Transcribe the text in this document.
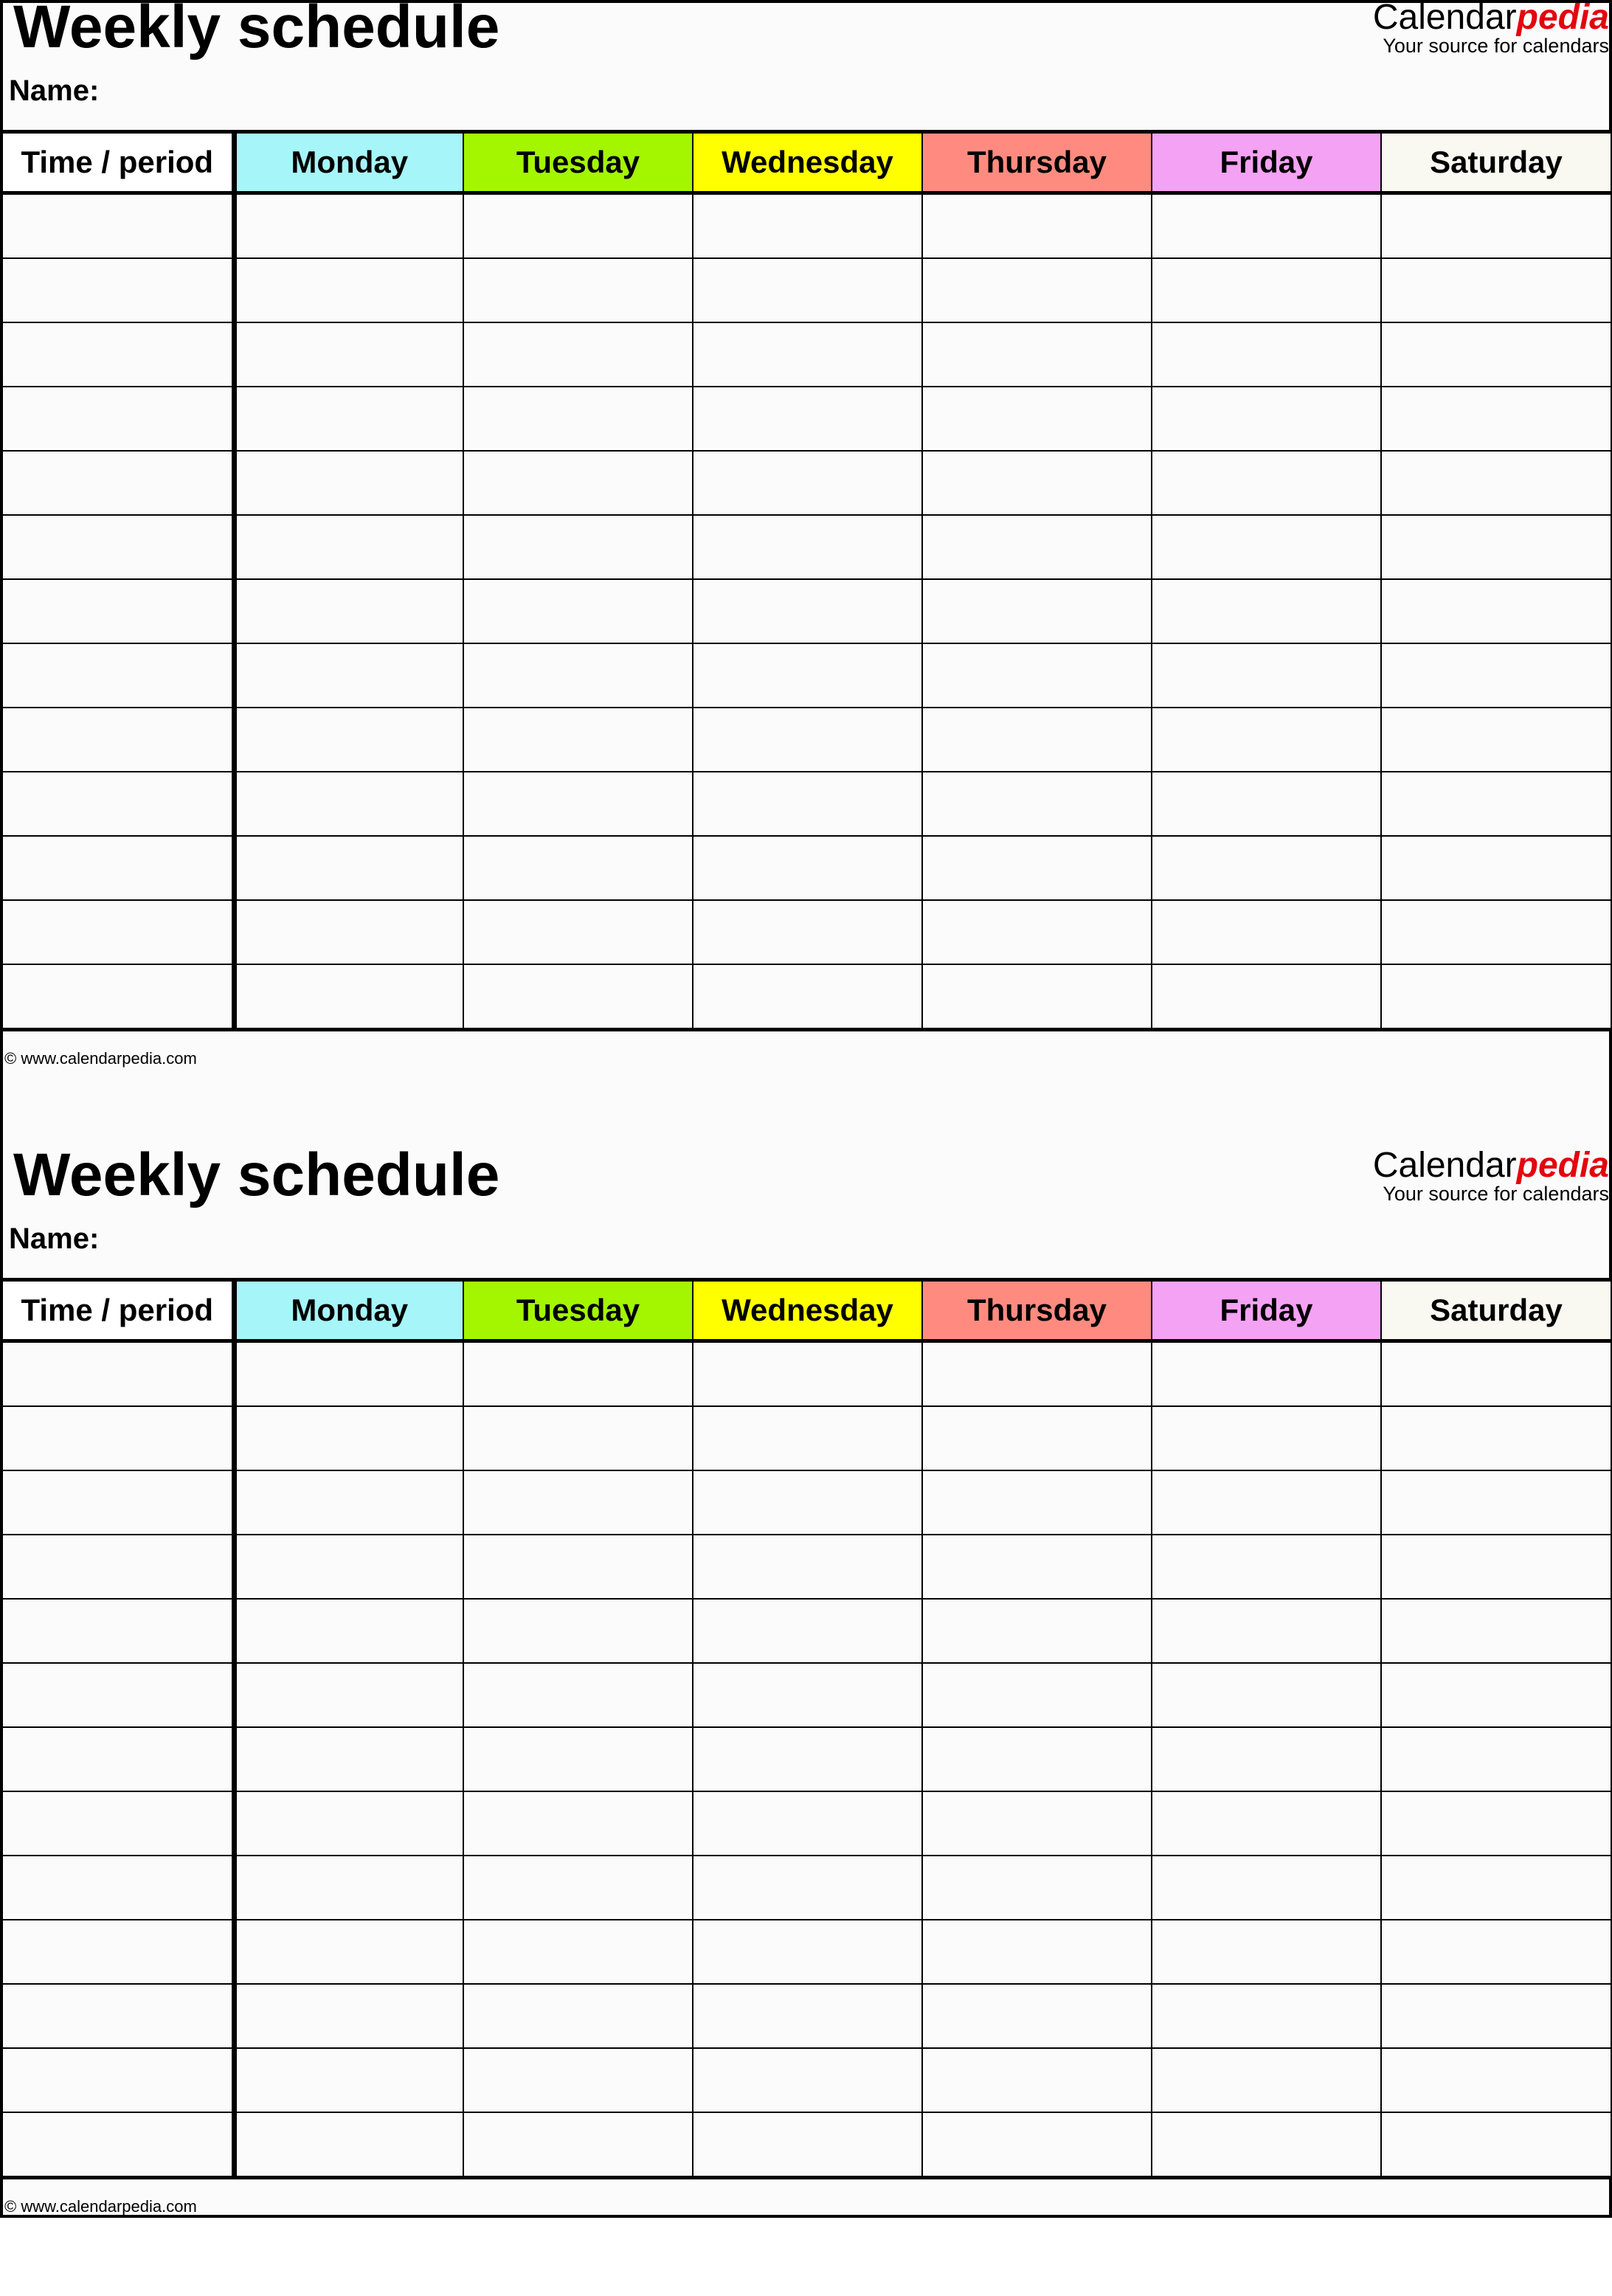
Weekly schedule
Name:
Calendarpedia
Your source for calendars
Time / period	Monday	Tuesday	Wednesday	Thursday	Friday	Saturday

© www.calendarpedia.com
Weekly schedule
Name:
Calendarpedia
Your source for calendars
Time / period	Monday	Tuesday	Wednesday	Thursday	Friday	Saturday

© www.calendarpedia.com
